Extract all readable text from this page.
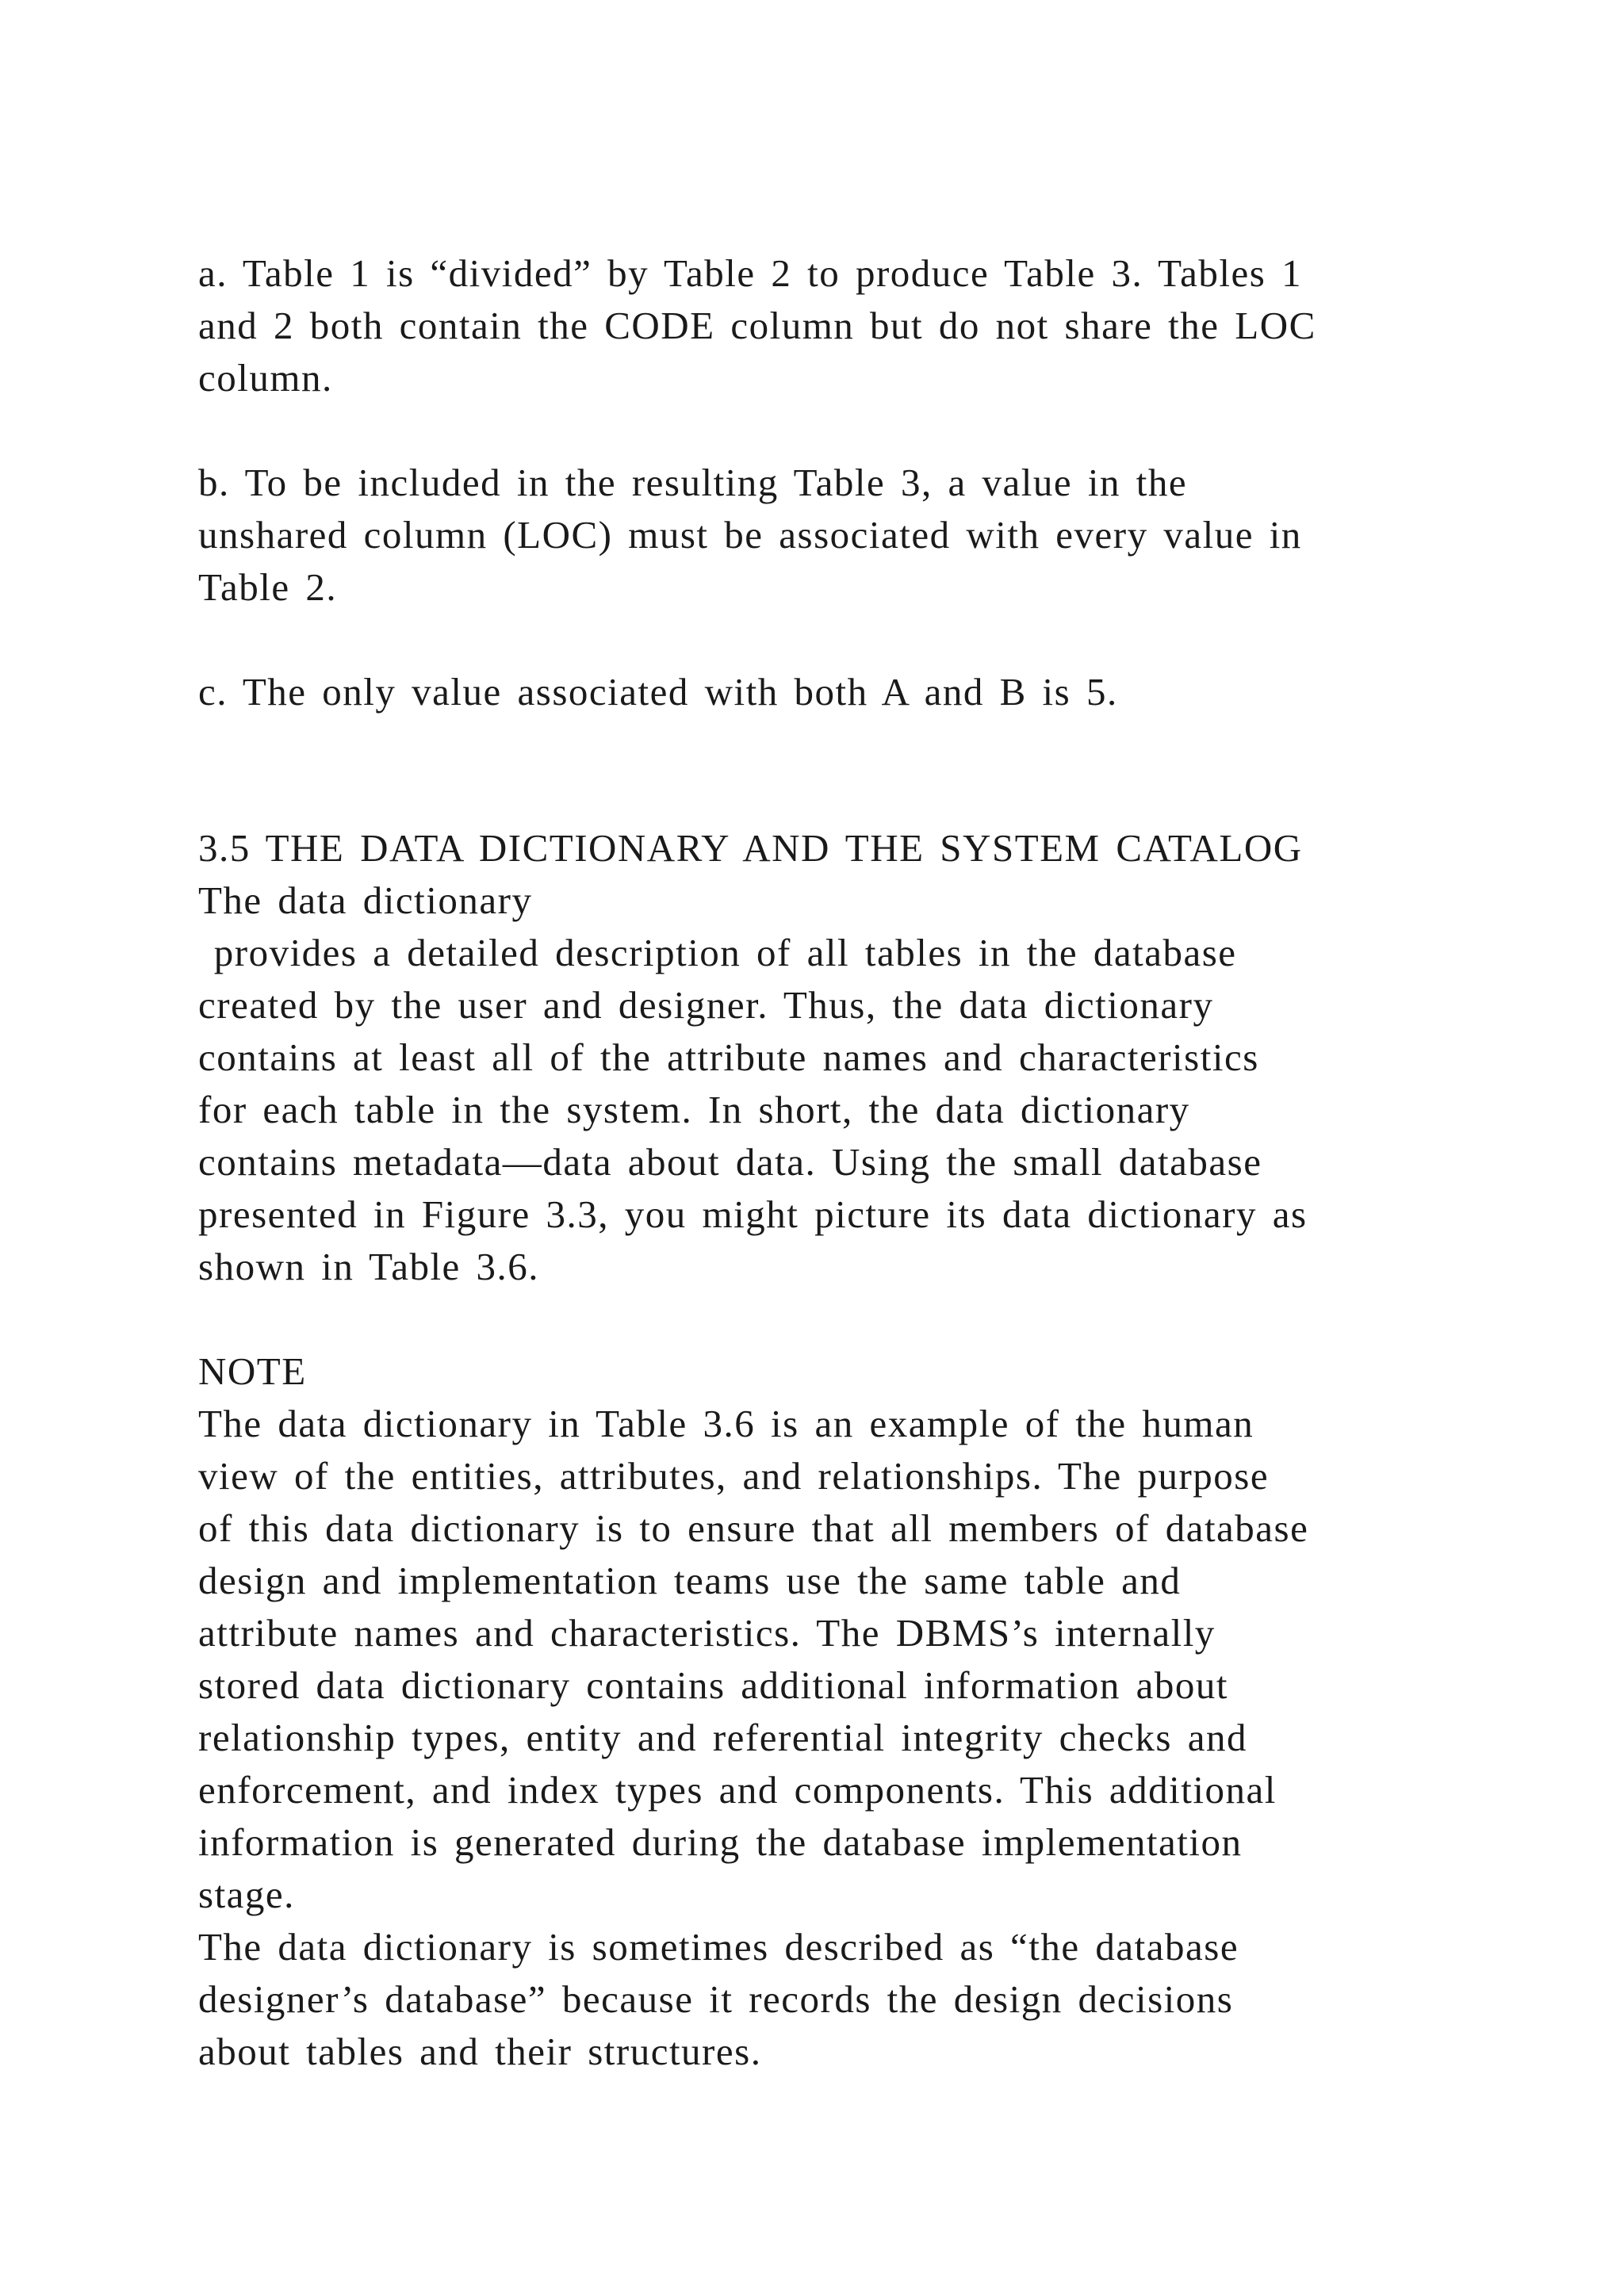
a. Table 1 is “divided” by Table 2 to produce Table 3. Tables 1
and 2 both contain the CODE column but do not share the LOC
column.
b. To be included in the resulting Table 3, a value in the
unshared column (LOC) must be associated with every value in
Table 2.
c. The only value associated with both A and B is 5.
3.5 THE DATA DICTIONARY AND THE SYSTEM CATALOG
The data dictionary
provides a detailed description of all tables in the database
created by the user and designer. Thus, the data dictionary
contains at least all of the attribute names and characteristics
for each table in the system. In short, the data dictionary
contains metadata—data about data. Using the small database
presented in Figure 3.3, you might picture its data dictionary as
shown in Table 3.6.
NOTE
The data dictionary in Table 3.6 is an example of the human
view of the entities, attributes, and relationships. The purpose
of this data dictionary is to ensure that all members of database
design and implementation teams use the same table and
attribute names and characteristics. The DBMS’s internally
stored data dictionary contains additional information about
relationship types, entity and referential integrity checks and
enforcement, and index types and components. This additional
information is generated during the database implementation
stage.
The data dictionary is sometimes described as “the database
designer’s database” because it records the design decisions
about tables and their structures.
